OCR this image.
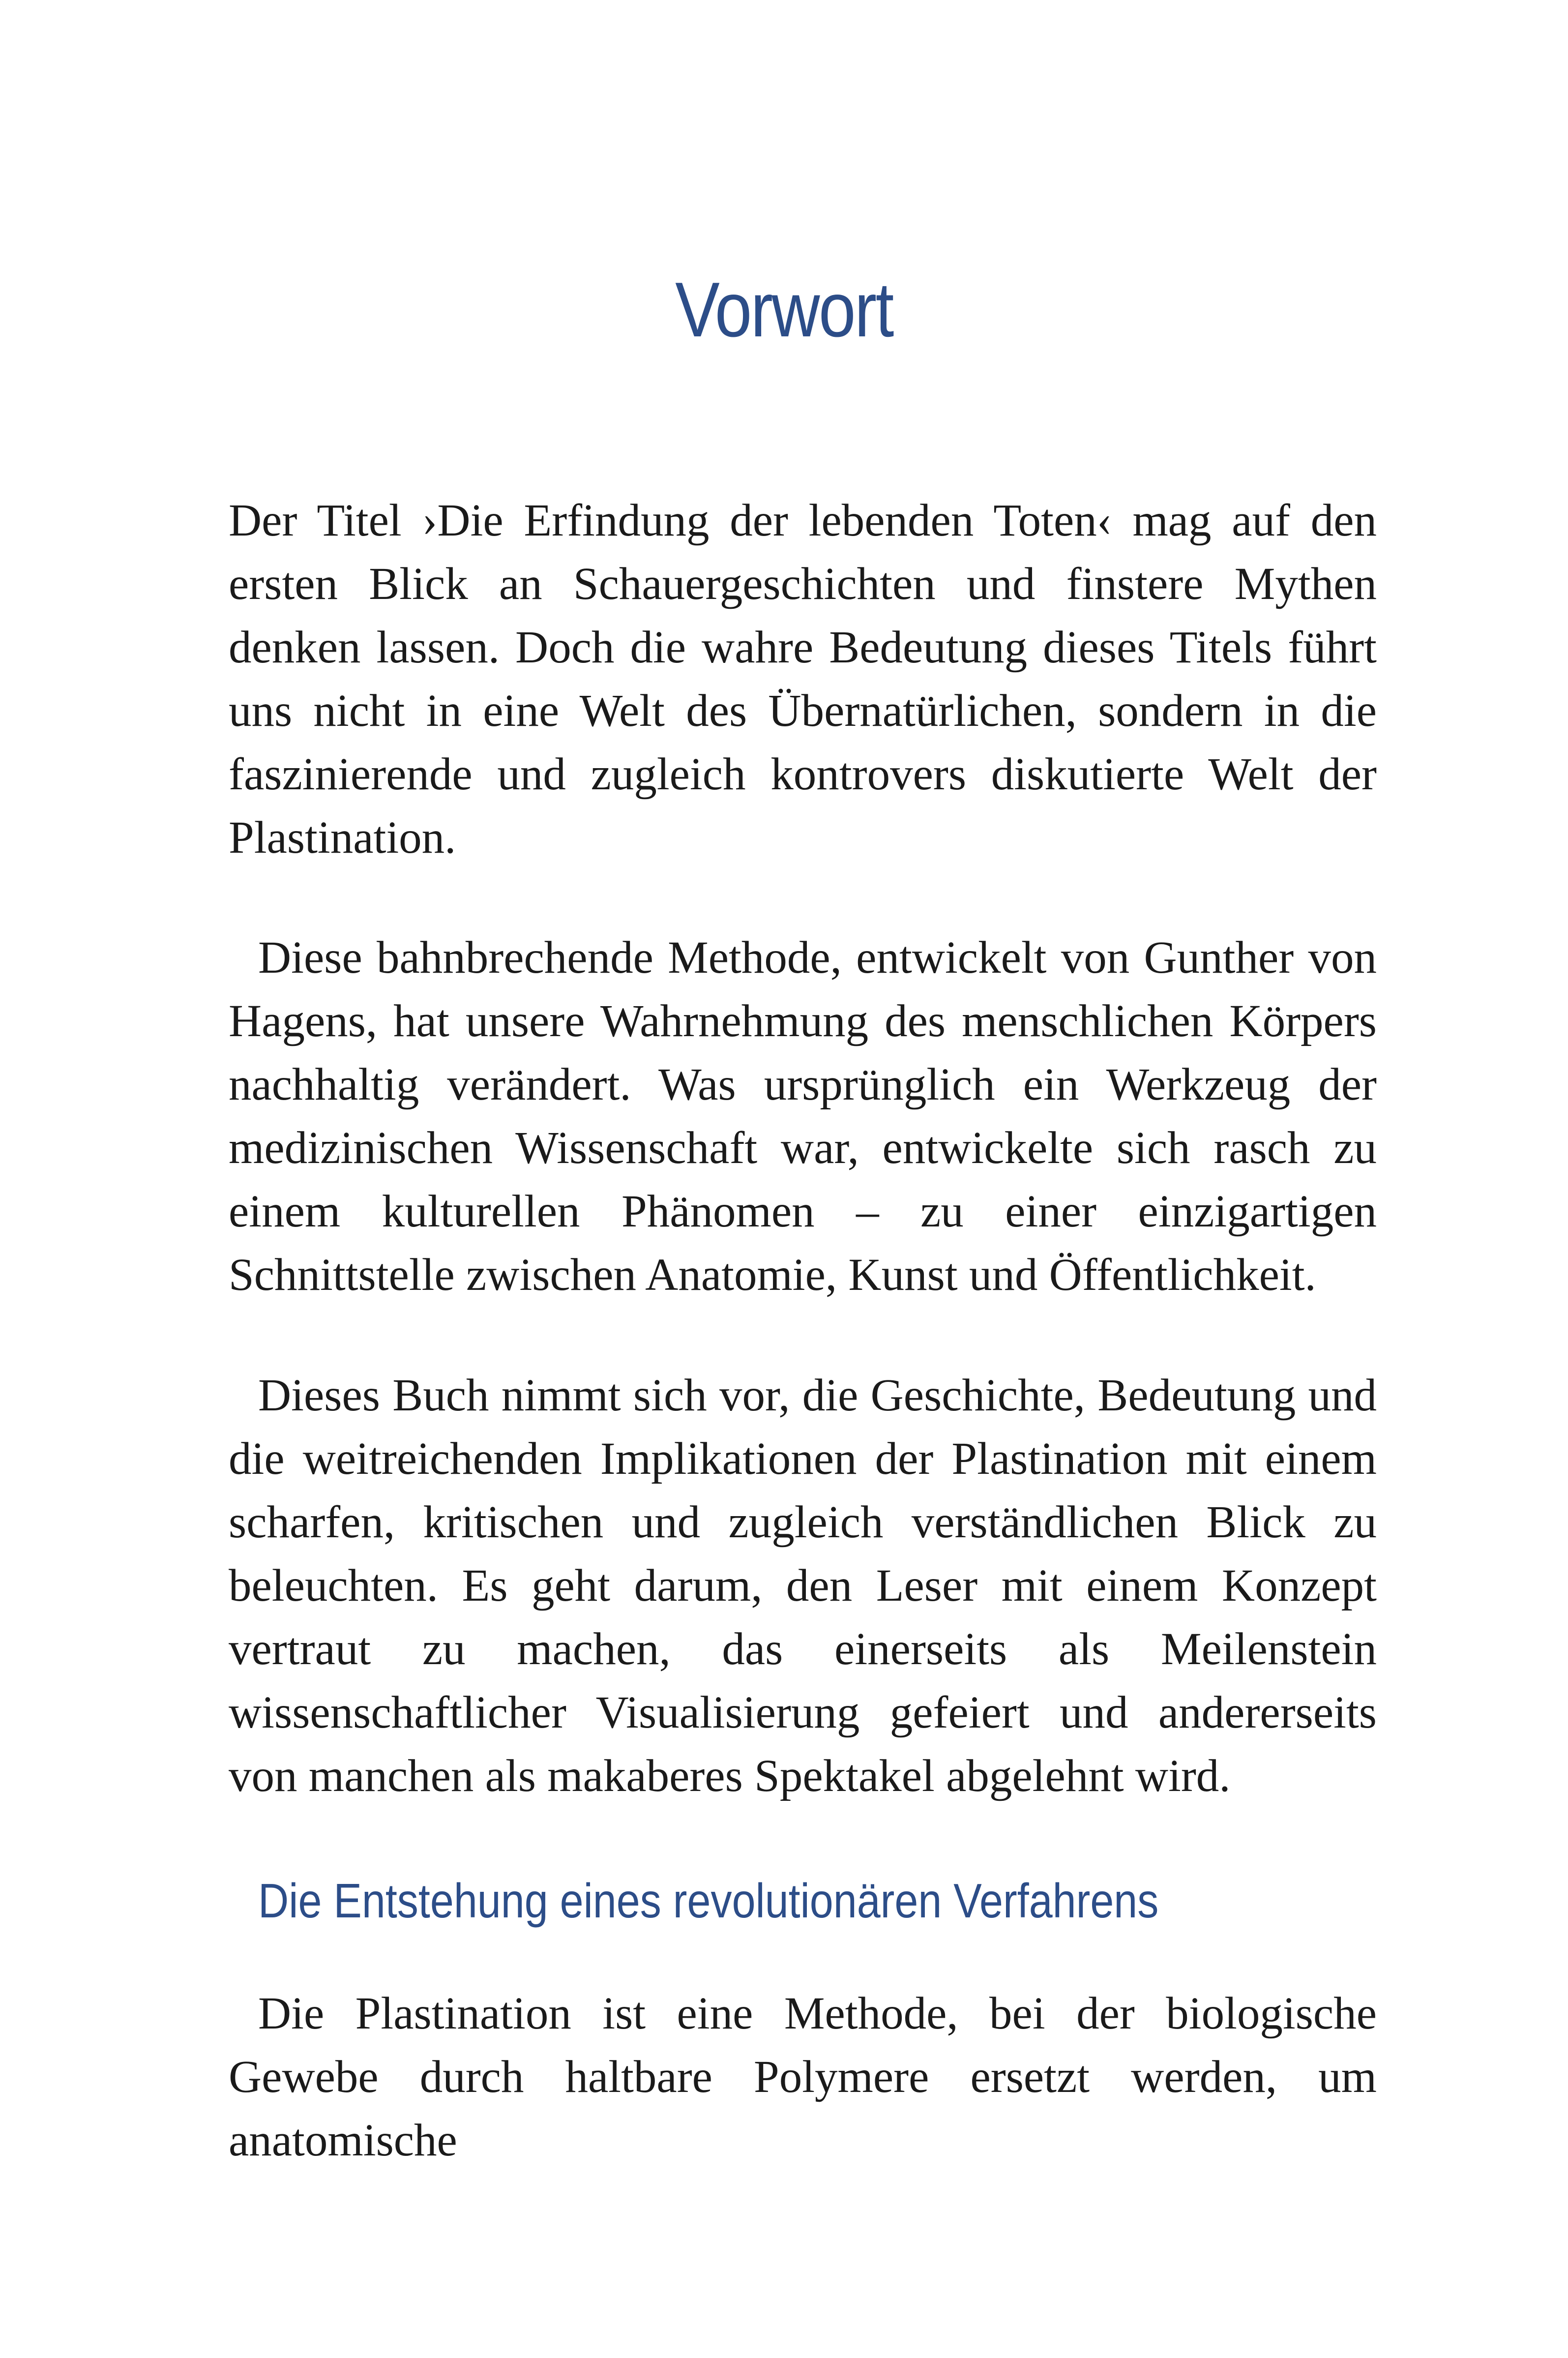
Vorwort

Der Titel ›Die Erfindung der lebenden Toten‹ mag auf den ersten Blick an Schauergeschichten und finstere Mythen denken lassen. Doch die wahre Bedeutung dieses Titels führt uns nicht in eine Welt des Übernatürlichen, sondern in die faszinierende und zugleich kontrovers diskutierte Welt der Plastination.

Diese bahnbrechende Methode, entwickelt von Gunther von Hagens, hat unsere Wahrnehmung des menschlichen Körpers nachhaltig verändert. Was ursprünglich ein Werkzeug der medizinischen Wissenschaft war, entwickelte sich rasch zu einem kulturellen Phänomen – zu einer einzigartigen Schnittstelle zwischen Anatomie, Kunst und Öffentlichkeit.

Dieses Buch nimmt sich vor, die Geschichte, Bedeutung und die weitreichenden Implikationen der Plastination mit einem scharfen, kritischen und zugleich verständlichen Blick zu beleuchten. Es geht darum, den Leser mit einem Konzept vertraut zu machen, das einerseits als Meilenstein wissenschaftlicher Visualisierung gefeiert und andererseits von manchen als makaberes Spektakel abgelehnt wird.

Die Entstehung eines revolutionären Verfahrens

Die Plastination ist eine Methode, bei der biologische Gewebe durch haltbare Polymere ersetzt werden, um anatomische
